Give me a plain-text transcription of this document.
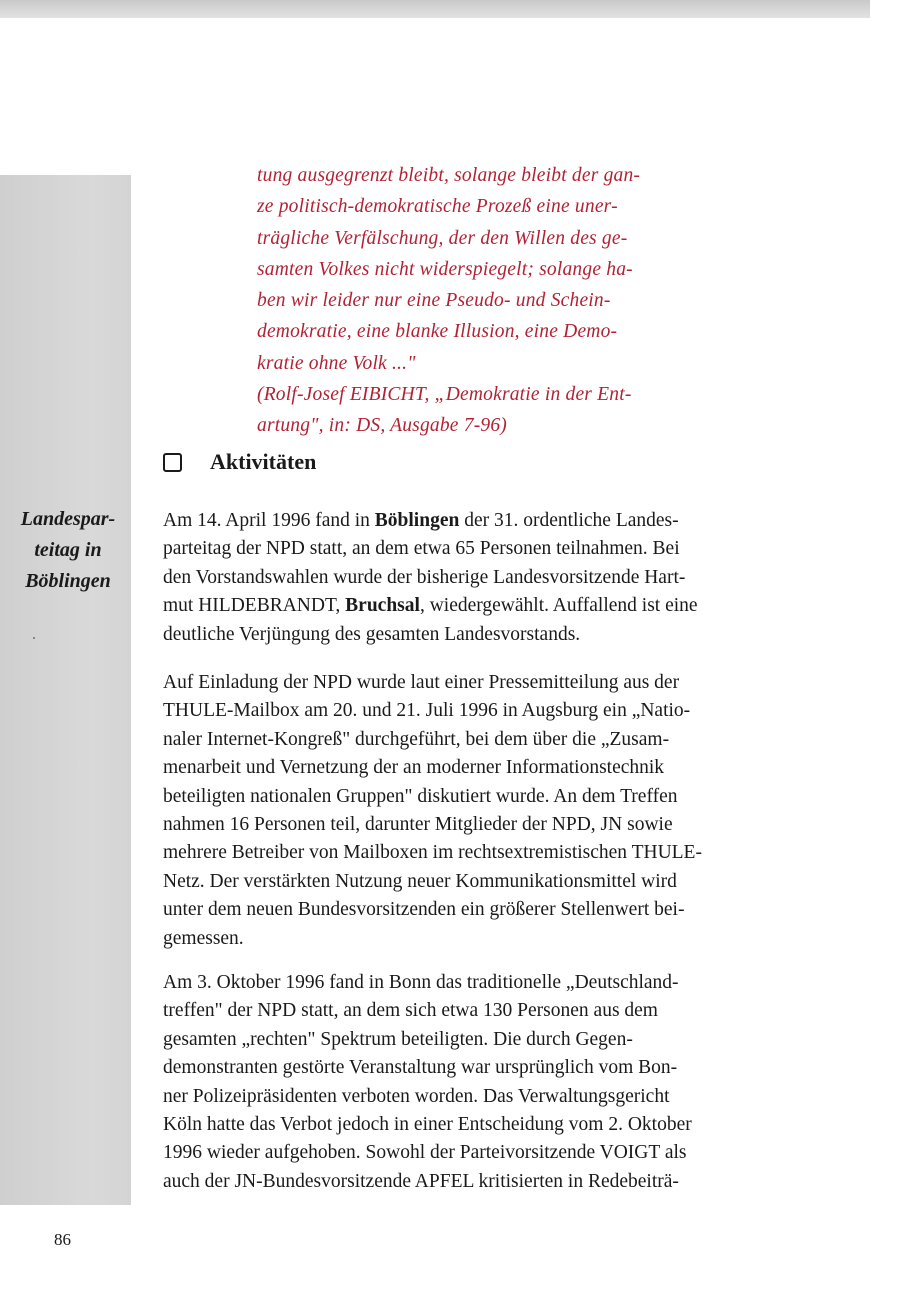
tung ausgegrenzt bleibt, solange bleibt der gan-
ze politisch-demokratische Prozeß eine uner-
trägliche Verfälschung, der den Willen des ge-
samten Volkes nicht widerspiegelt; solange ha-
ben wir leider nur eine Pseudo- und Schein-
demokratie, eine blanke Illusion, eine Demo-
kratie ohne Volk ..."
(Rolf-Josef EIBICHT, „Demokratie in der Ent-
artung", in: DS, Ausgabe 7-96)

Aktivitäten

Landespar-
teitag in
Böblingen

Am 14. April 1996 fand in Böblingen der 31. ordentliche Landes-
parteitag der NPD statt, an dem etwa 65 Personen teilnahmen. Bei
den Vorstandswahlen wurde der bisherige Landesvorsitzende Hart-
mut HILDEBRANDT, Bruchsal, wiedergewählt. Auffallend ist eine
deutliche Verjüngung des gesamten Landesvorstands.

Auf Einladung der NPD wurde laut einer Pressemitteilung aus der
THULE-Mailbox am 20. und 21. Juli 1996 in Augsburg ein „Natio-
naler Internet-Kongreß" durchgeführt, bei dem über die „Zusam-
menarbeit und Vernetzung der an moderner Informationstechnik
beteiligten nationalen Gruppen" diskutiert wurde. An dem Treffen
nahmen 16 Personen teil, darunter Mitglieder der NPD, JN sowie
mehrere Betreiber von Mailboxen im rechtsextremistischen THULE-
Netz. Der verstärkten Nutzung neuer Kommunikationsmittel wird
unter dem neuen Bundesvorsitzenden ein größerer Stellenwert bei-
gemessen.

Am 3. Oktober 1996 fand in Bonn das traditionelle „Deutschland-
treffen" der NPD statt, an dem sich etwa 130 Personen aus dem
gesamten „rechten" Spektrum beteiligten. Die durch Gegen-
demonstranten gestörte Veranstaltung war ursprünglich vom Bon-
ner Polizeipräsidenten verboten worden. Das Verwaltungsgericht
Köln hatte das Verbot jedoch in einer Entscheidung vom 2. Oktober
1996 wieder aufgehoben. Sowohl der Parteivorsitzende VOIGT als
auch der JN-Bundesvorsitzende APFEL kritisierten in Redebeiträ-

86
